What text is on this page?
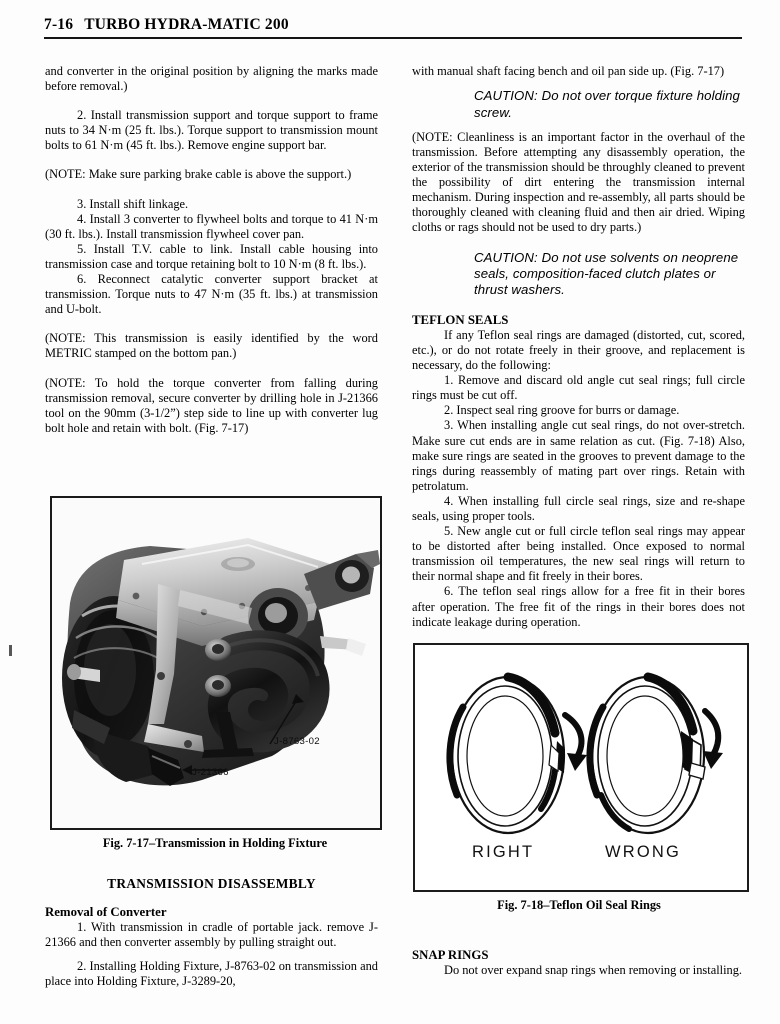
7-16 TURBO HYDRA-MATIC 200

and converter in the original position by aligning the marks made before removal.)

2. Install transmission support and torque support to frame nuts to 34 N·m (25 ft. lbs.). Torque support to transmission mount bolts to 61 N·m (45 ft. lbs.). Remove engine support bar.

(NOTE: Make sure parking brake cable is above the support.)

3. Install shift linkage.

4. Install 3 converter to flywheel bolts and torque to 41 N·m (30 ft. lbs.). Install transmission flywheel cover pan.

5. Install T.V. cable to link. Install cable housing into transmission case and torque retaining bolt to 10 N·m (8 ft. lbs.).

6. Reconnect catalytic converter support bracket at transmission. Torque nuts to 47 N·m (35 ft. lbs.) at transmission and U-bolt.

(NOTE: This transmission is easily identified by the word METRIC stamped on the bottom pan.)

(NOTE: To hold the torque converter from falling during transmission removal, secure converter by drilling hole in J-21366 tool on the 90mm (3-1/2”) step side to line up with converter lug bolt hole and retain with bolt. (Fig. 7-17)

with manual shaft facing bench and oil pan side up. (Fig. 7-17)

CAUTION: Do not over torque fixture holding screw.

(NOTE: Cleanliness is an important factor in the overhaul of the transmission. Before attempting any disassembly operation, the exterior of the transmission should be throughly cleaned to prevent the possibility of dirt entering the transmission internal mechanism. During inspection and re-assembly, all parts should be thoroughly cleaned with cleaning fluid and then air dried. Wiping cloths or rags should not be used to dry parts.)

CAUTION: Do not use solvents on neoprene seals, composition-faced clutch plates or thrust washers.

TEFLON SEALS

If any Teflon seal rings are damaged (distorted, cut, scored, etc.), or do not rotate freely in their groove, and replacement is necessary, do the following:

1. Remove and discard old angle cut seal rings; full circle rings must be cut off.

2. Inspect seal ring groove for burrs or damage.

3. When installing angle cut seal rings, do not over-stretch. Make sure cut ends are in same relation as cut. (Fig. 7-18) Also, make sure rings are seated in the grooves to prevent damage to the rings during reassembly of mating part over rings. Retain with petrolatum.

4. When installing full circle seal rings, size and re-shape seals, using proper tools.

5. New angle cut or full circle teflon seal rings may appear to be distorted after being installed. Once exposed to normal transmission oil temperatures, the new seal rings will return to their normal shape and fit freely in their bores.

6. The teflon seal rings allow for a free fit in their bores after operation. The free fit of the rings in their bores does not indicate leakage during operation.

J-8763-02
J-21366
Fig. 7-17–Transmission in Holding Fixture

TRANSMISSION DISASSEMBLY

Removal of Converter

1. With transmission in cradle of portable jack. remove J-21366 and then converter assembly by pulling straight out.

2. Installing Holding Fixture, J-8763-02 on transmission and place into Holding Fixture, J-3289-20,

RIGHT	WRONG
Fig. 7-18–Teflon Oil Seal Rings

SNAP RINGS

Do not over expand snap rings when removing or installing.
